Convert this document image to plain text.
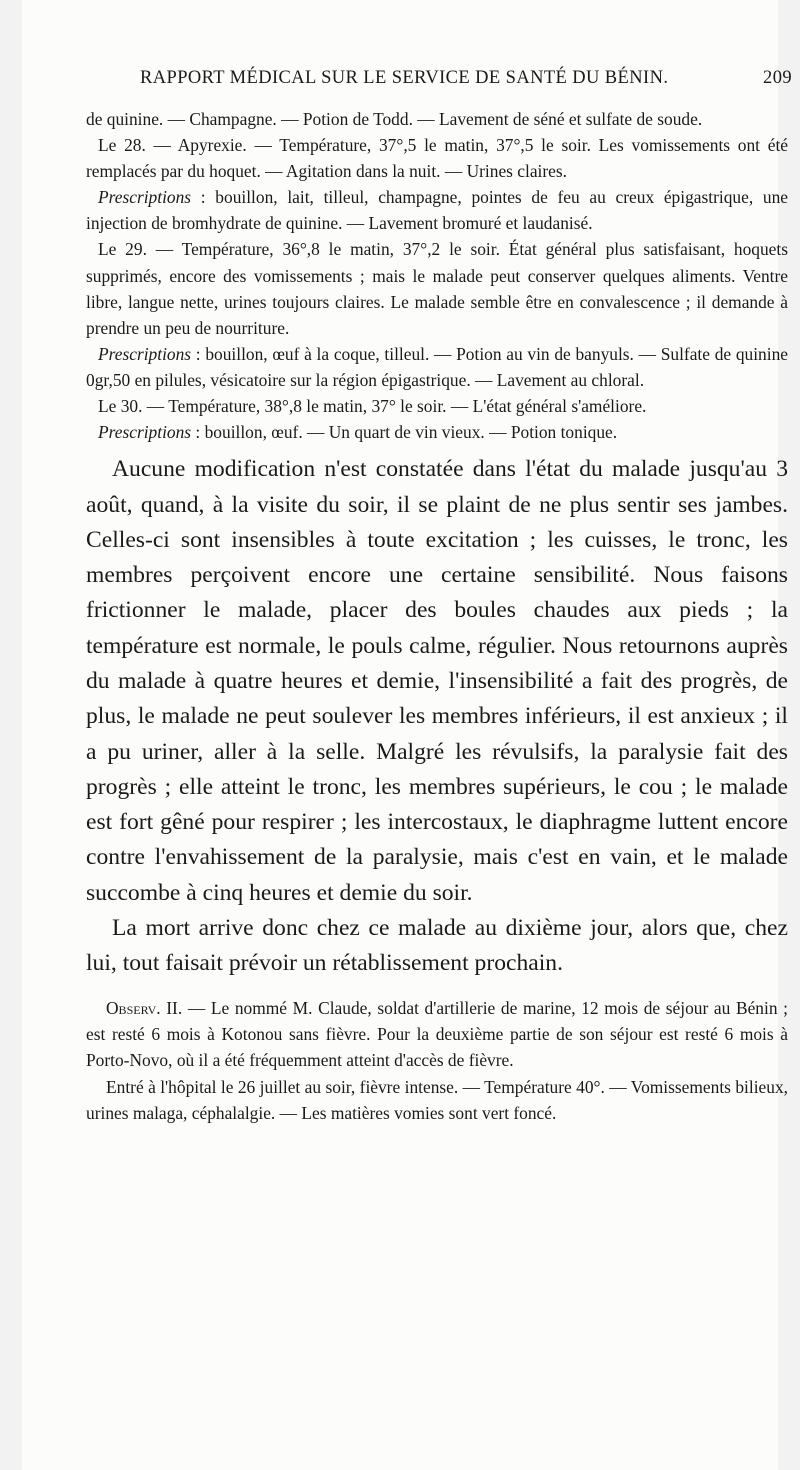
RAPPORT MÉDICAL SUR LE SERVICE DE SANTÉ DU BÉNIN.	209

de quinine. — Champagne. — Potion de Todd. — Lavement de séné et sulfate de soude.

Le 28. — Apyrexie. — Température, 37°,5 le matin, 37°,5 le soir. Les vomissements ont été remplacés par du hoquet. — Agitation dans la nuit. — Urines claires.

Prescriptions : bouillon, lait, tilleul, champagne, pointes de feu au creux épigastrique, une injection de bromhydrate de quinine. — Lavement bromuré et laudanisé.

Le 29. — Température, 36°,8 le matin, 37°,2 le soir. État général plus satisfaisant, hoquets supprimés, encore des vomissements ; mais le malade peut conserver quelques aliments. Ventre libre, langue nette, urines toujours claires. Le malade semble être en convalescence ; il demande à prendre un peu de nourriture.

Prescriptions : bouillon, œuf à la coque, tilleul. — Potion au vin de banyuls. — Sulfate de quinine 0gr,50 en pilules, vésicatoire sur la région épigastrique. — Lavement au chloral.

Le 30. — Température, 38°,8 le matin, 37° le soir. — L'état général s'améliore.

Prescriptions : bouillon, œuf. — Un quart de vin vieux. — Potion tonique.

Aucune modification n'est constatée dans l'état du malade jusqu'au 3 août, quand, à la visite du soir, il se plaint de ne plus sentir ses jambes. Celles-ci sont insensibles à toute excitation ; les cuisses, le tronc, les membres perçoivent encore une certaine sensibilité. Nous faisons frictionner le malade, placer des boules chaudes aux pieds ; la température est normale, le pouls calme, régulier. Nous retournons auprès du malade à quatre heures et demie, l'insensibilité a fait des progrès, de plus, le malade ne peut soulever les membres inférieurs, il est anxieux ; il a pu uriner, aller à la selle. Malgré les révulsifs, la paralysie fait des progrès ; elle atteint le tronc, les membres supérieurs, le cou ; le malade est fort gêné pour respirer ; les intercostaux, le diaphragme luttent encore contre l'envahissement de la paralysie, mais c'est en vain, et le malade succombe à cinq heures et demie du soir.

La mort arrive donc chez ce malade au dixième jour, alors que, chez lui, tout faisait prévoir un rétablissement prochain.

Observ. II. — Le nommé M. Claude, soldat d'artillerie de marine, 12 mois de séjour au Bénin ; est resté 6 mois à Kotonou sans fièvre. Pour la deuxième partie de son séjour est resté 6 mois à Porto-Novo, où il a été fréquemment atteint d'accès de fièvre.

Entré à l'hôpital le 26 juillet au soir, fièvre intense. — Température 40°. — Vomissements bilieux, urines malaga, céphalalgie. — Les matières vomies sont vert foncé.
